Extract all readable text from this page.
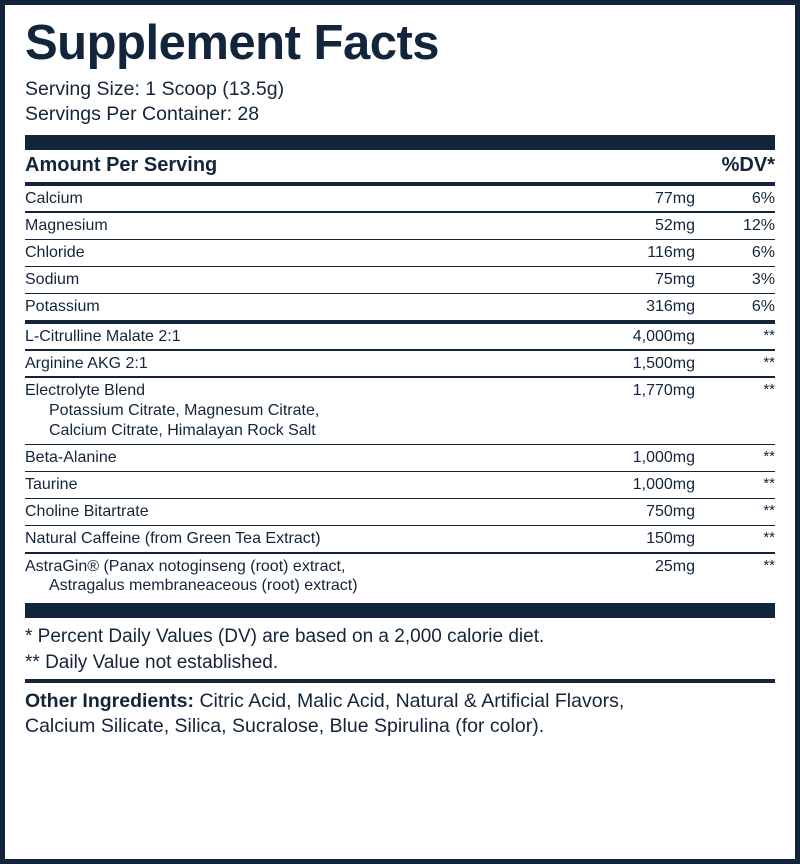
Supplement Facts
Serving Size: 1 Scoop (13.5g)
Servings Per Container: 28
Amount Per Serving	%DV*
Calcium	77mg	6%
Magnesium	52mg	12%
Chloride	116mg	6%
Sodium	75mg	3%
Potassium	316mg	6%
L-Citrulline Malate 2:1	4,000mg	**
Arginine AKG 2:1	1,500mg	**
Electrolyte Blend
Potassium Citrate, Magnesum Citrate,
Calcium Citrate, Himalayan Rock Salt
1,770mg	**
Beta-Alanine	1,000mg	**
Taurine	1,000mg	**
Choline Bitartrate	750mg	**
Natural Caffeine (from Green Tea Extract)	150mg	**
AstraGin® (Panax notoginseng (root) extract,
Astragalus membraneaceous (root) extract)
25mg	**
* Percent Daily Values (DV) are based on a 2,000 calorie diet.
** Daily Value not established.
Other Ingredients: Citric Acid, Malic Acid, Natural & Artificial Flavors,
Calcium Silicate, Silica, Sucralose, Blue Spirulina (for color).
